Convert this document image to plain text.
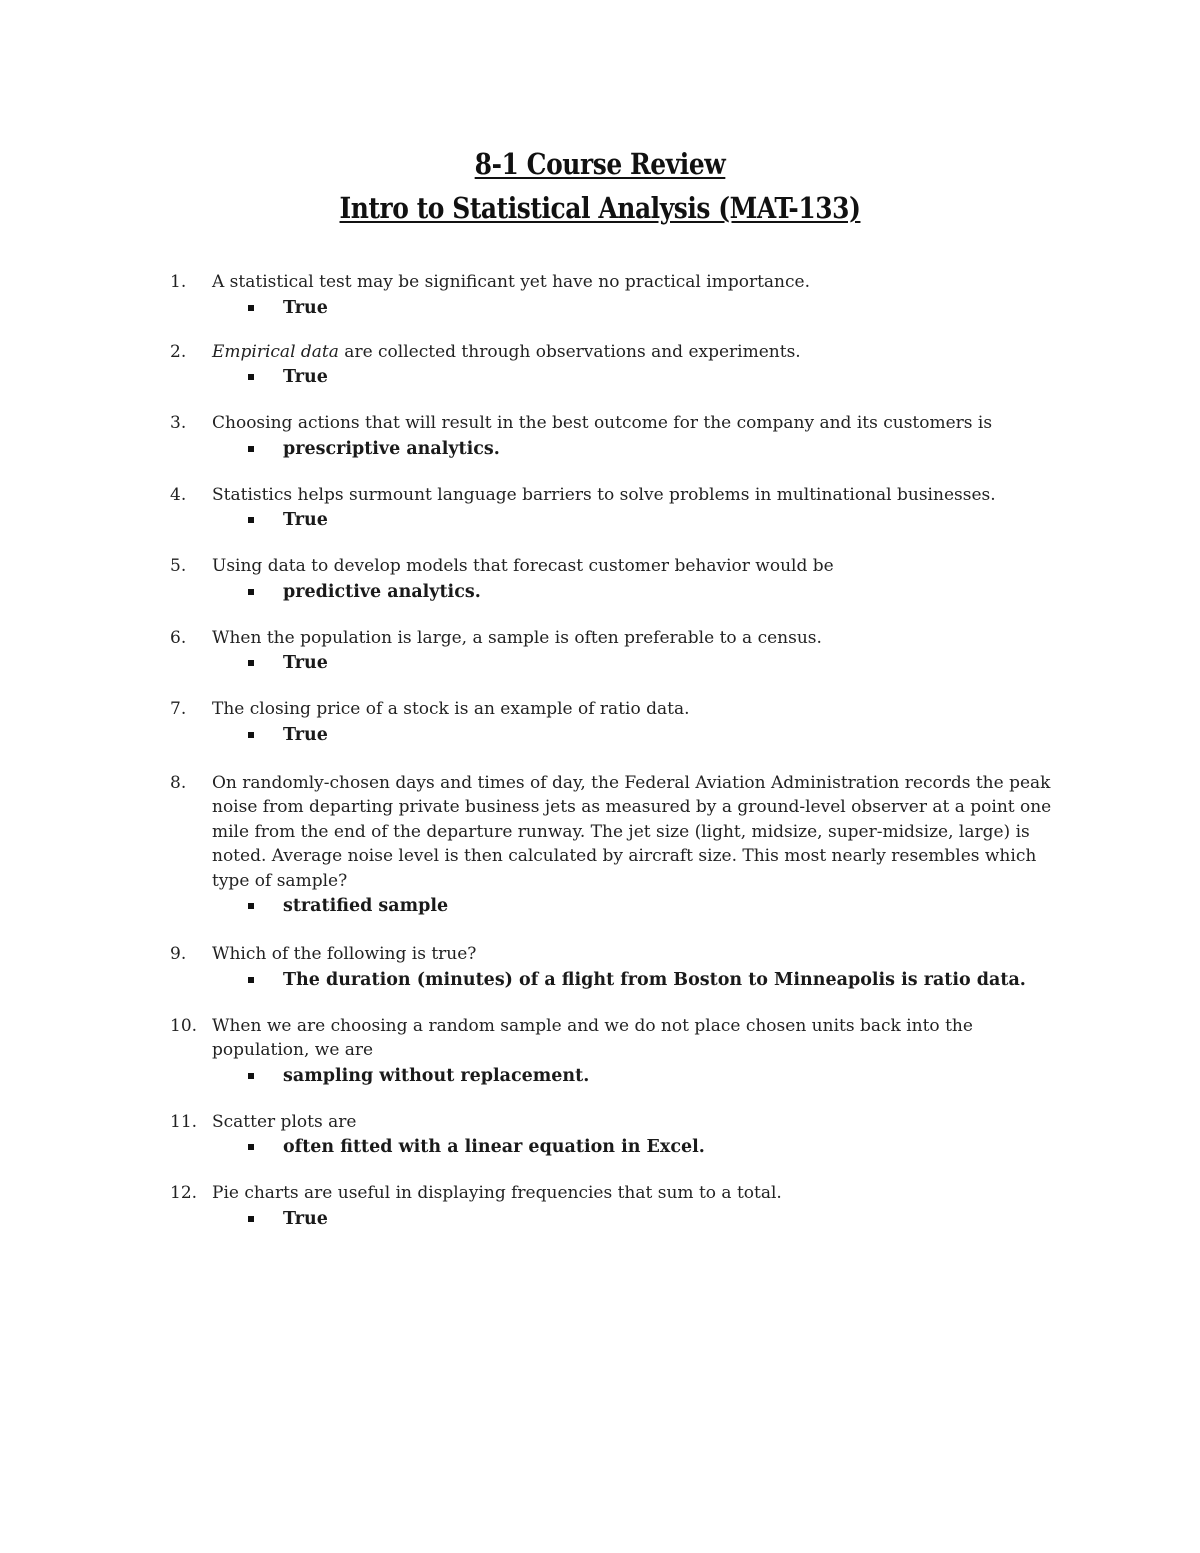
8-1 Course Review
Intro to Statistical Analysis (MAT-133)
1.	A statistical test may be significant yet have no practical importance.
True
2.	Empirical data are collected through observations and experiments.
True
3.	Choosing actions that will result in the best outcome for the company and its customers is
prescriptive analytics.
4.	Statistics helps surmount language barriers to solve problems in multinational businesses.
True
5.	Using data to develop models that forecast customer behavior would be
predictive analytics.
6.	When the population is large, a sample is often preferable to a census.
True
7.	The closing price of a stock is an example of ratio data.
True
8.	On randomly-chosen days and times of day, the Federal Aviation Administration records the peak noise from departing private business jets as measured by a ground-level observer at a point one mile from the end of the departure runway. The jet size (light, midsize, super-midsize, large) is noted. Average noise level is then calculated by aircraft size. This most nearly resembles which type of sample?
stratified sample
9.	Which of the following is true?
The duration (minutes) of a flight from Boston to Minneapolis is ratio data.
10. When we are choosing a random sample and we do not place chosen units back into the population, we are
sampling without replacement.
11. Scatter plots are
often fitted with a linear equation in Excel.
12. Pie charts are useful in displaying frequencies that sum to a total.
True
